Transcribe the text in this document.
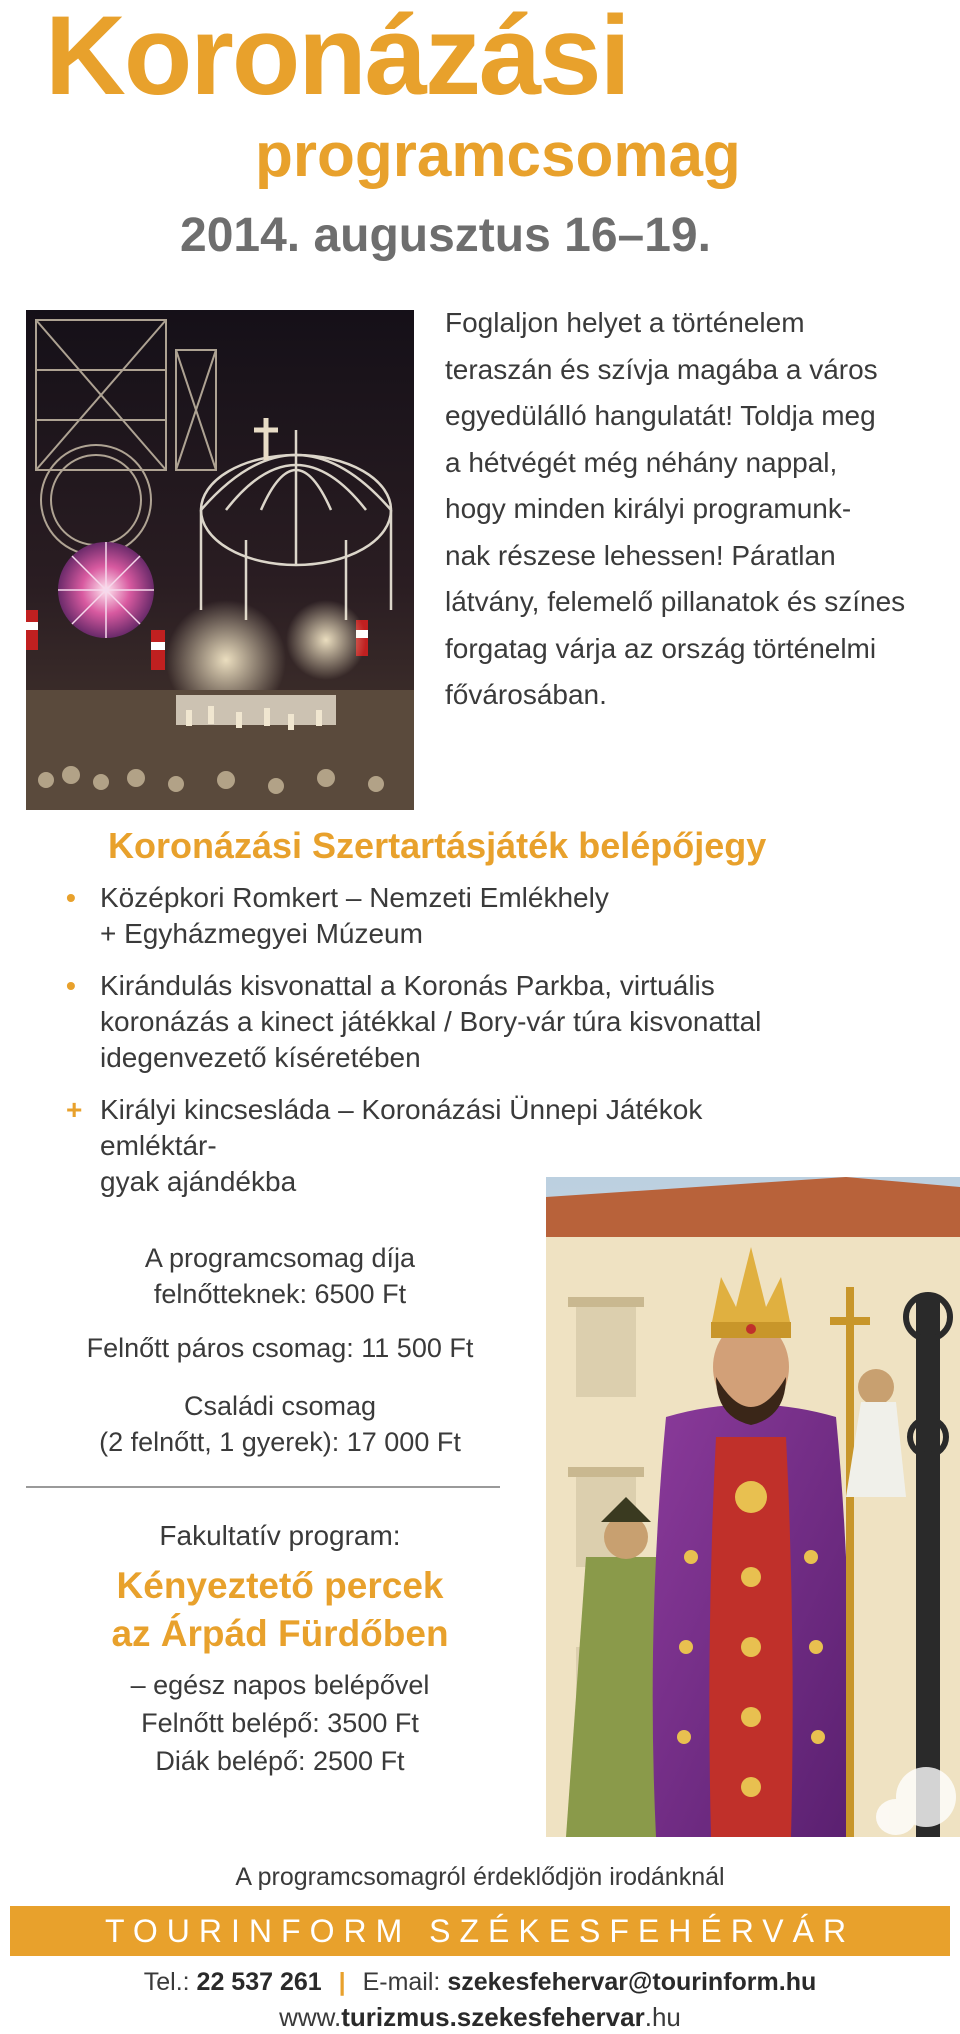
Koronázási
programcsomag
2014. augusztus 16–19.
Foglaljon helyet a történelem
teraszán és szívja magába a város
egyedülálló hangulatát! Toldja meg
a hétvégét még néhány nappal,
hogy minden királyi programunk-
nak részese lehessen! Páratlan
látvány, felemelő pillanatok és színes
forgatag várja az ország történelmi
fővárosában.
Koronázási Szertartásjáték belépőjegy
• Középkori Romkert – Nemzeti Emlékhely
+ Egyházmegyei Múzeum
• Kirándulás kisvonattal a Koronás Parkba, virtuális
koronázás a kinect játékkal / Bory-vár túra kisvonattal
idegenvezető kíséretében
+ Királyi kincsesláda – Koronázási Ünnepi Játékok emléktár-
gyak ajándékba
A programcsomag díja
felnőtteknek: 6500 Ft
Felnőtt páros csomag: 11 500 Ft
Családi csomag
(2 felnőtt, 1 gyerek): 17 000 Ft
Fakultatív program:
Kényeztető percek
az Árpád Fürdőben
– egész napos belépővel
Felnőtt belépő: 3500 Ft
Diák belépő: 2500 Ft
A programcsomagról érdeklődjön irodánknál
TOURINFORM SZÉKESFEHÉRVÁR
Tel.: 22 537 261 | E-mail: szekesfehervar@tourinform.hu
www.turizmus.szekesfehervar.hu
